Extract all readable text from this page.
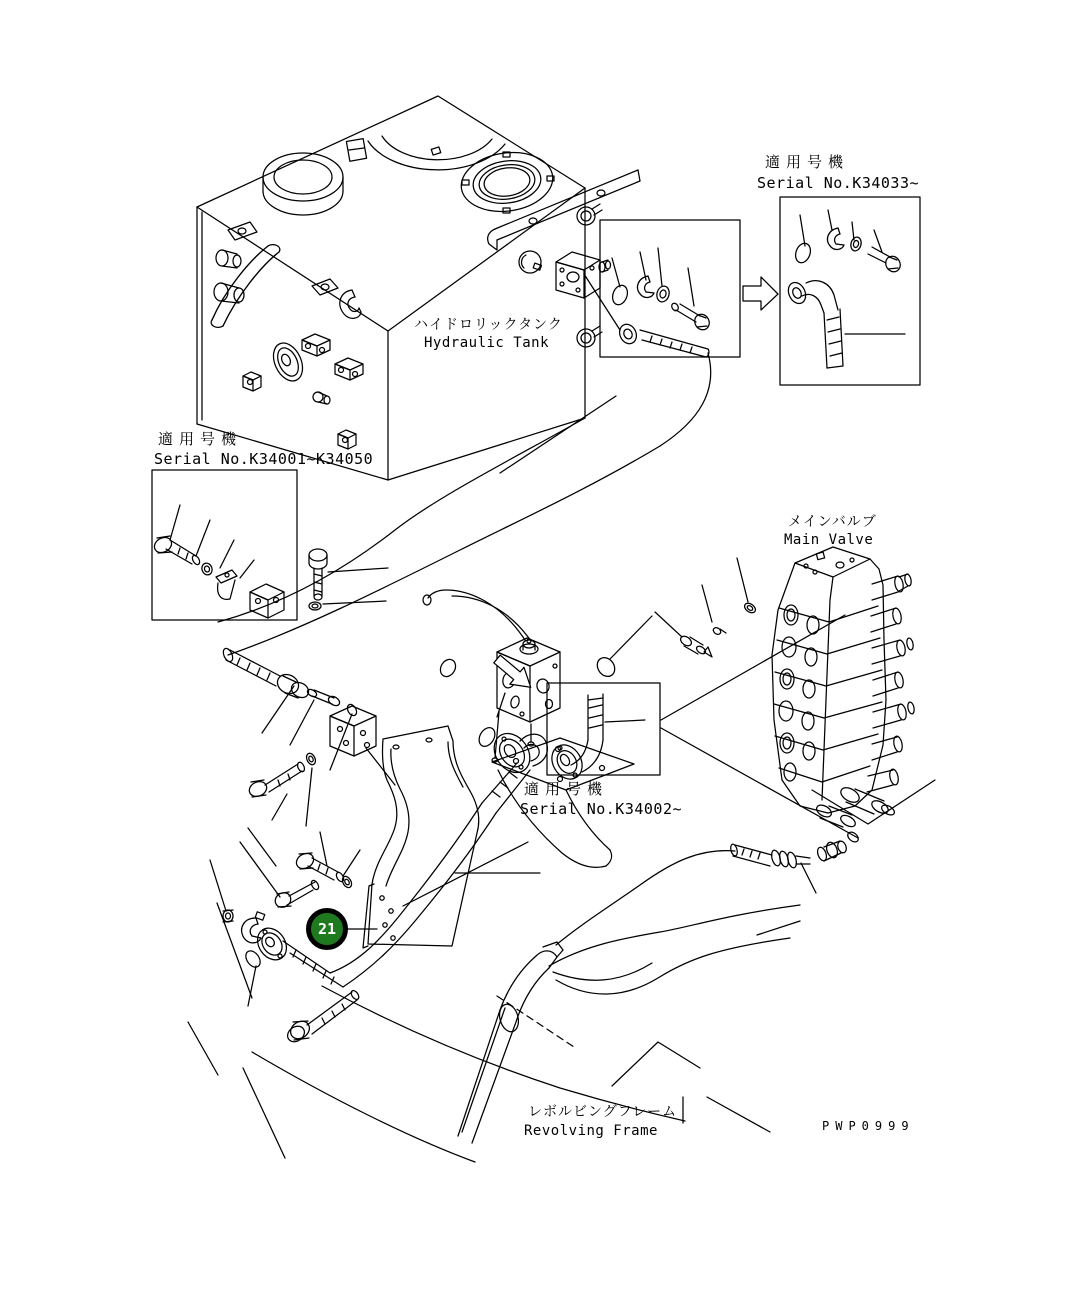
適用号機
Serial No.K34033~
ハイドロリックタンク
Hydraulic Tank
適用号機
Serial No.K34001~K34050
メインバルブ
Main Valve
適用号機
Serial No.K34002~
レボルビングフレーム
Revolving Frame	PWP0999
21
